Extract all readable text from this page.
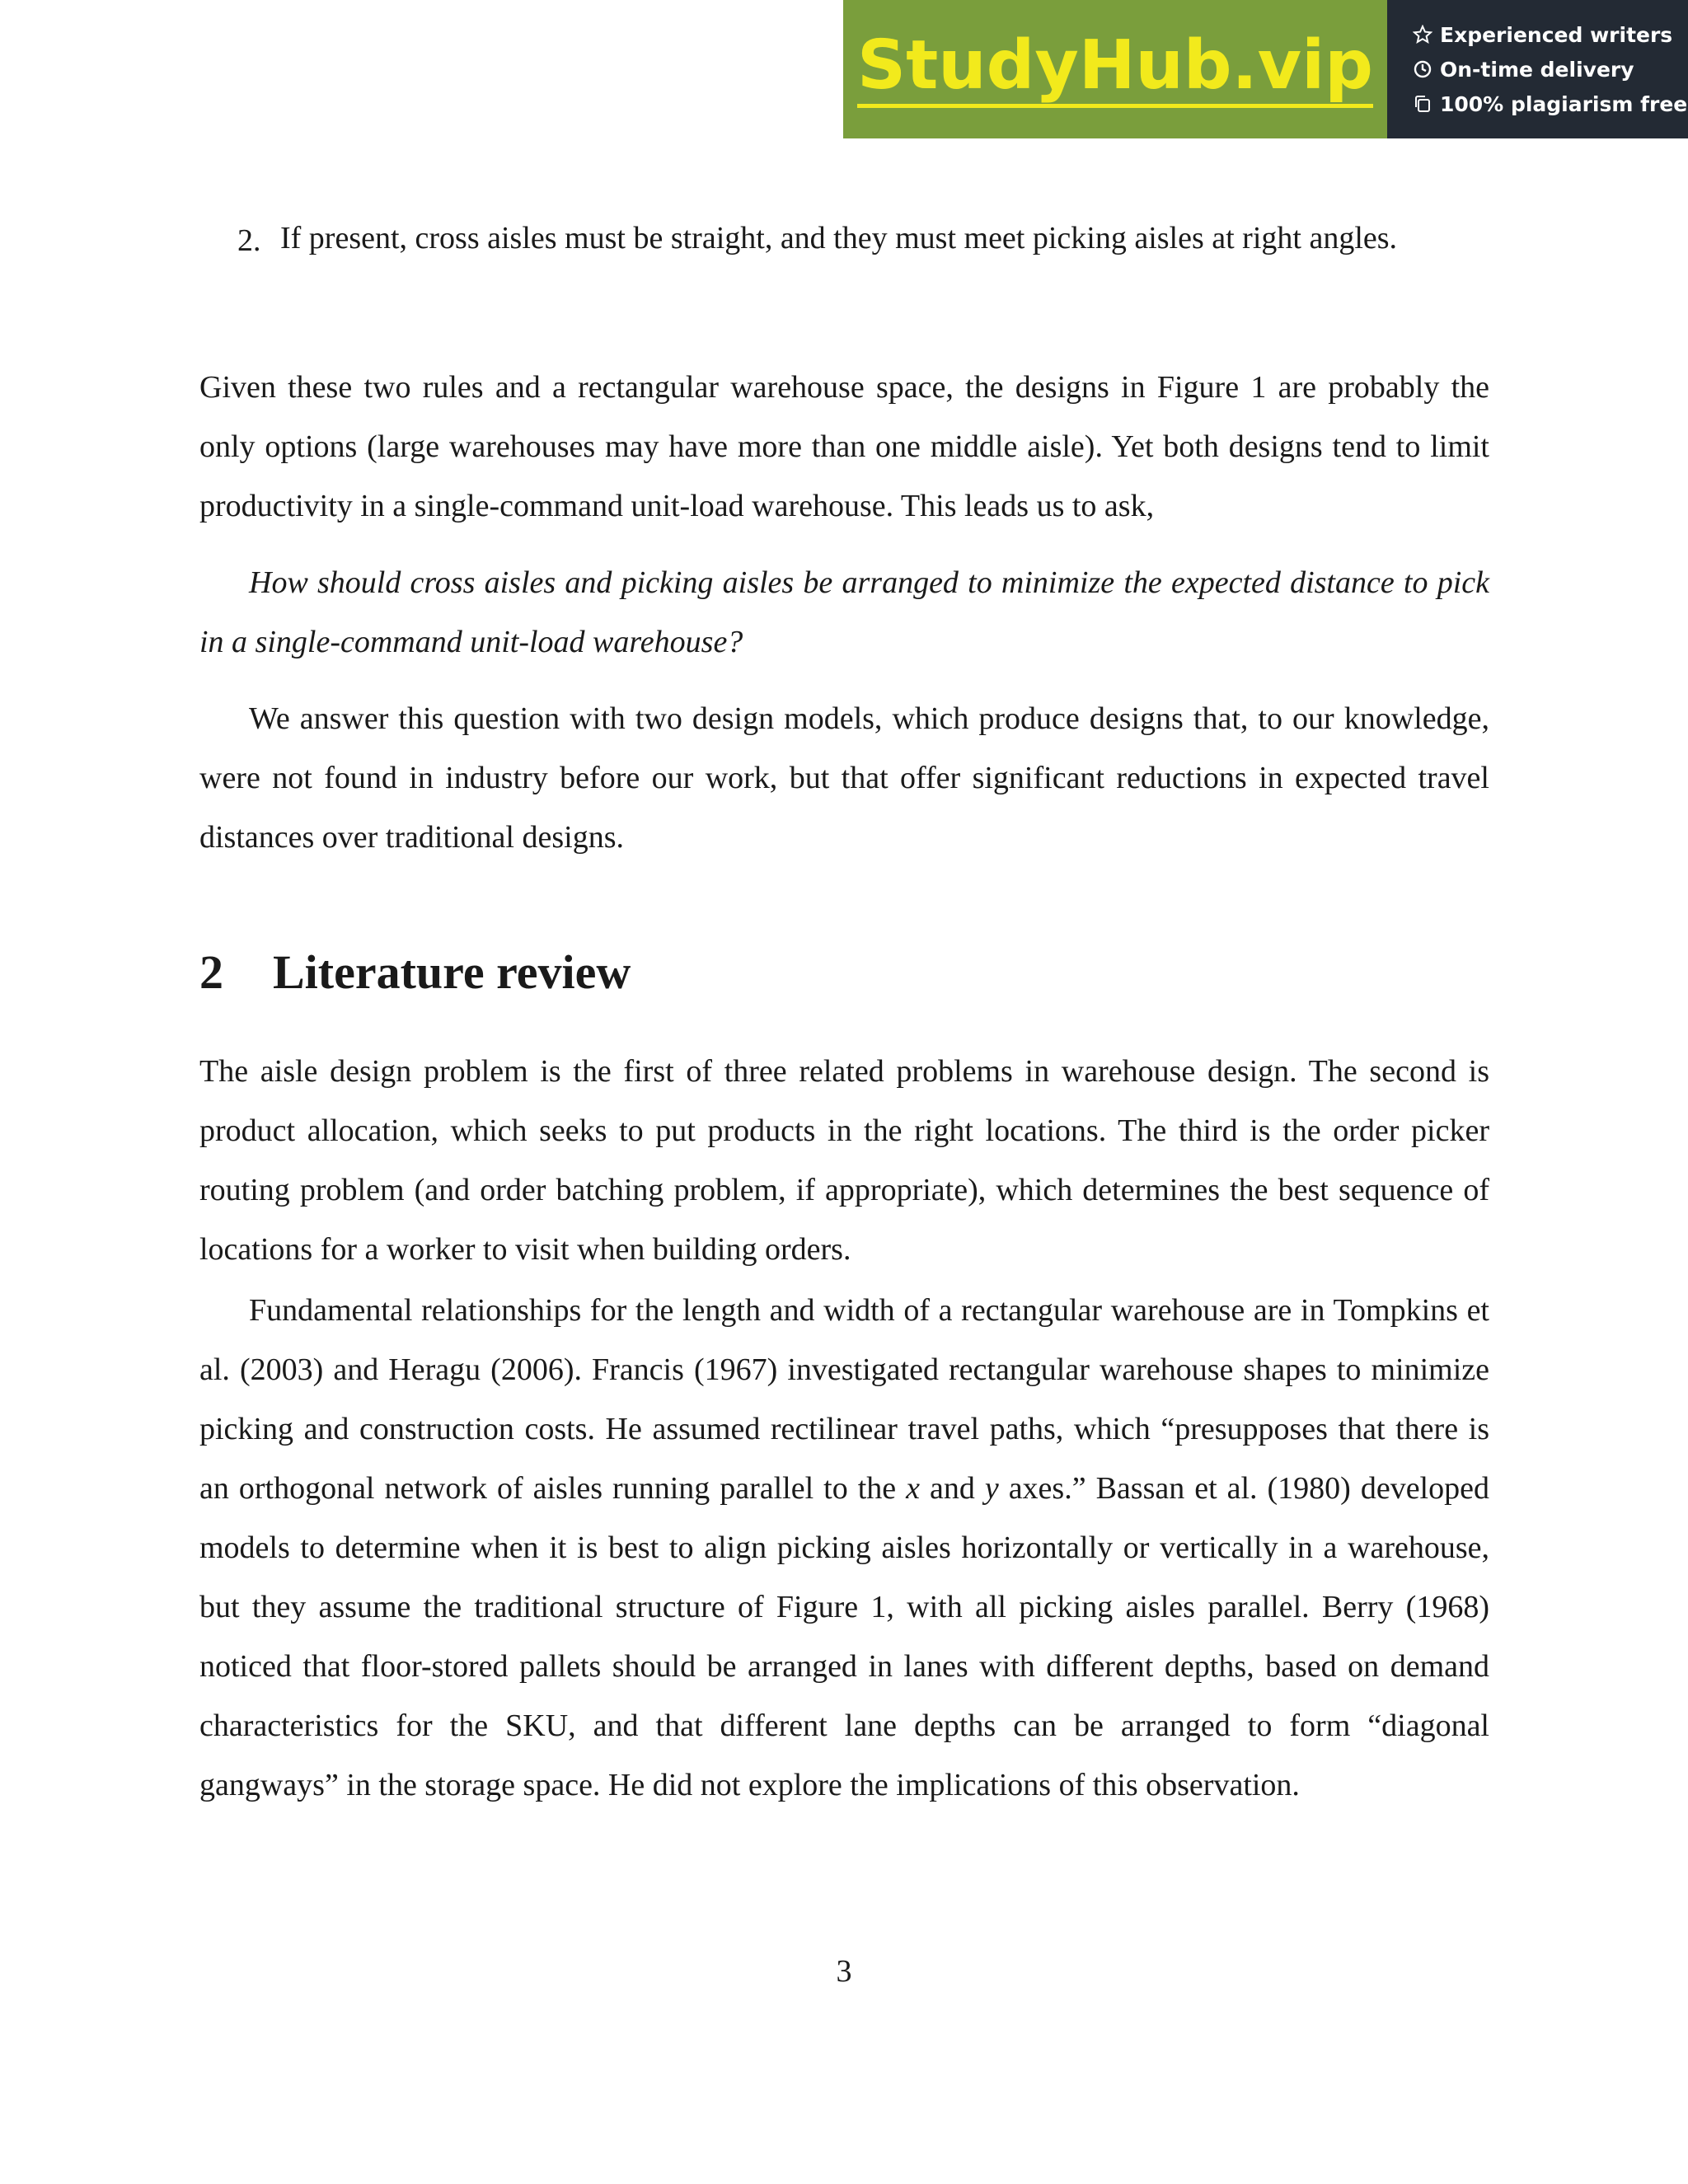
StudyHub.vip	Experienced writers
On-time delivery
100% plagiarism free
2. If present, cross aisles must be straight, and they must meet picking aisles at right angles.

Given these two rules and a rectangular warehouse space, the designs in Figure 1 are probably the only options (large warehouses may have more than one middle aisle). Yet both designs tend to limit productivity in a single-command unit-load warehouse. This leads us to ask,

How should cross aisles and picking aisles be arranged to minimize the expected distance to pick in a single-command unit-load warehouse?

We answer this question with two design models, which produce designs that, to our knowledge, were not found in industry before our work, but that offer significant reductions in expected travel distances over traditional designs.

2 Literature review

The aisle design problem is the first of three related problems in warehouse design. The second is product allocation, which seeks to put products in the right locations. The third is the order picker routing problem (and order batching problem, if appropriate), which determines the best sequence of locations for a worker to visit when building orders.

Fundamental relationships for the length and width of a rectangular warehouse are in Tompkins et al. (2003) and Heragu (2006). Francis (1967) investigated rectangular warehouse shapes to minimize picking and construction costs. He assumed rectilinear travel paths, which “presupposes that there is an orthogonal network of aisles running parallel to the x and y axes.” Bassan et al. (1980) developed models to determine when it is best to align picking aisles horizontally or vertically in a warehouse, but they assume the traditional structure of Figure 1, with all picking aisles parallel. Berry (1968) noticed that floor-stored pallets should be arranged in lanes with different depths, based on demand characteristics for the SKU, and that different lane depths can be arranged to form “diagonal gangways” in the storage space. He did not explore the implications of this observation.

3
